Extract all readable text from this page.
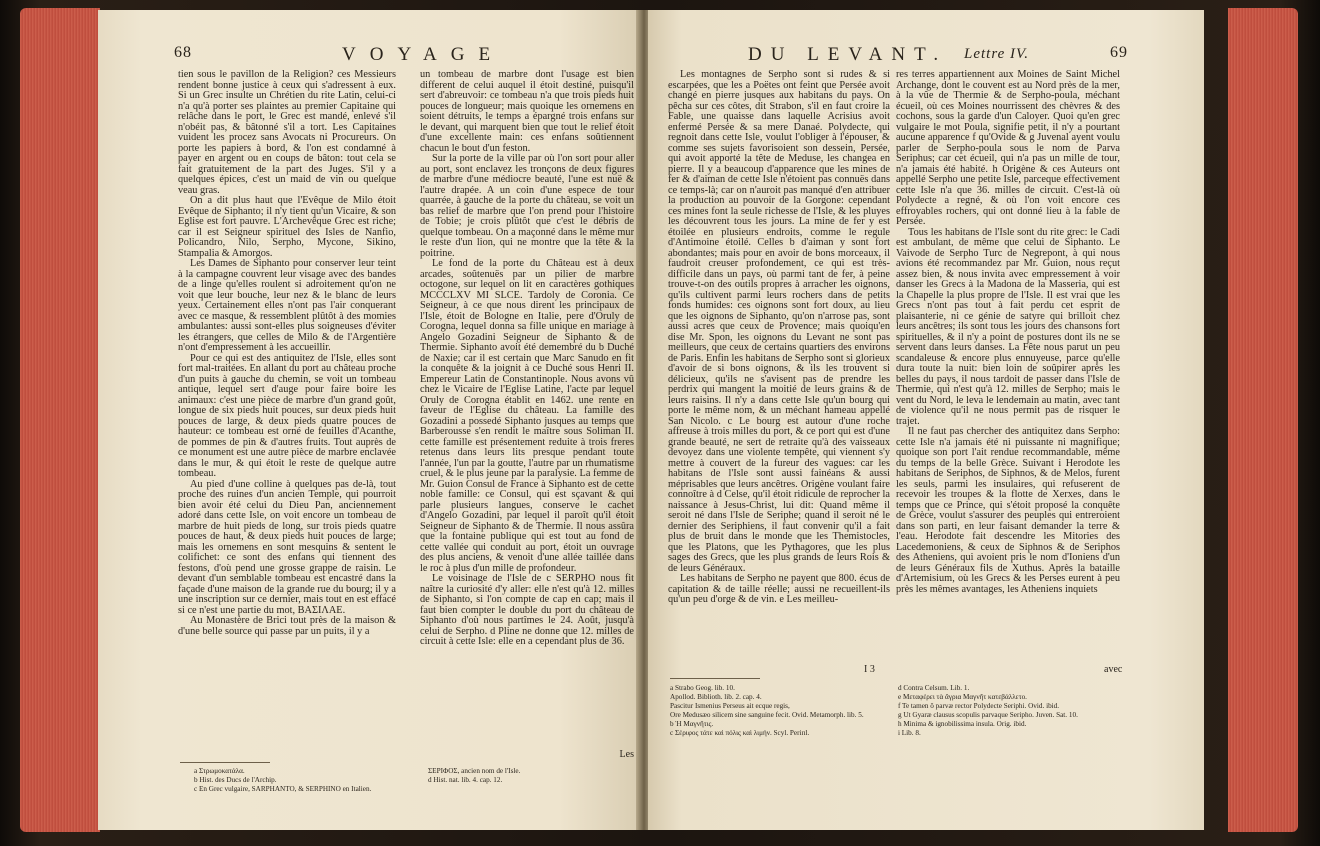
68	VOYAGE

tien sous le pavillon de la Religion? ces Messieurs rendent bonne justice à ceux qui s'adressent à eux. Si un Grec insulte un Chrétien du rite Latin, celui-ci n'a qu'à porter ses plaintes au premier Capitaine qui relâche dans le port, le Grec est mandé, enlevé s'il n'obéit pas, & bâtonné s'il a tort. Les Capitaines vuident les procez sans Avocats ni Procureurs. On porte les papiers à bord, & l'on est condamné à payer en argent ou en coups de bâton: tout cela se fait gratuitement de la part des Juges. S'il y a quelques épices, c'est un maid de vin ou quelque veau gras.

On a dit plus haut que l'Evêque de Milo étoit Evêque de Siphanto; il n'y tient qu'un Vicaire, & son Eglise est fort pauvre. L'Archevêque Grec est riche; car il est Seigneur spirituel des Isles de Nanfio, Policandro, Nilo, Serpho, Mycone, Sikino, Stampalia & Amorgos.

Les Dames de Siphanto pour conserver leur teint à la campagne couvrent leur visage avec des bandes de a linge qu'elles roulent si adroitement qu'on ne voit que leur bouche, leur nez & le blanc de leurs yeux. Certainement elles n'ont pas l'air conquerant avec ce masque, & ressemblent plûtôt à des momies ambulantes: aussi sont-elles plus soigneuses d'éviter les étrangers, que celles de Milo & de l'Argentière n'ont d'empressement à les accueillir.

Pour ce qui est des antiquitez de l'Isle, elles sont fort mal-traitées. En allant du port au château proche d'un puits à gauche du chemin, se voit un tombeau antique, lequel sert d'auge pour faire boire les animaux: c'est une pièce de marbre d'un grand goût, longue de six pieds huit pouces, sur deux pieds huit pouces de large, & deux pieds quatre pouces de hauteur: ce tombeau est orné de feuilles d'Acanthe, de pommes de pin & d'autres fruits. Tout auprès de ce monument est une autre pièce de marbre enclavée dans le mur, & qui étoit le reste de quelque autre tombeau.

Au pied d'une colline à quelques pas de-là, tout proche des ruines d'un ancien Temple, qui pourroit bien avoir été celui du Dieu Pan, anciennement adoré dans cette Isle, on voit encore un tombeau de marbre de huit pieds de long, sur trois pieds quatre pouces de haut, & deux pieds huit pouces de large; mais les ornemens en sont mesquins & sentent le colifichet: ce sont des enfans qui tiennent des festons, d'où pend une grosse grappe de raisin. Le devant d'un semblable tombeau est encastré dans la façade d'une maison de la grande rue du bourg; il y a une inscription sur ce dernier, mais tout en est effacé si ce n'est une partie du mot, ΒΑΣΙΛΑΕ.

Au Monastère de Brici tout près de la maison & d'une belle source qui passe par un puits, il y a

un tombeau de marbre dont l'usage est bien different de celui auquel il étoit destiné, puisqu'il sert d'abreuvoir: ce tombeau n'a que trois pieds huit pouces de longueur; mais quoique les ornemens en soient détruits, le temps a épargné trois enfans sur le devant, qui marquent bien que tout le relief étoit d'une excellente main: ces enfans soûtiennent chacun le bout d'un feston.

Sur la porte de la ville par où l'on sort pour aller au port, sont enclavez les tronçons de deux figures de marbre d'une médiocre beauté, l'une est nuë & l'autre drapée. A un coin d'une espece de tour quarrée, à gauche de la porte du château, se voit un bas relief de marbre que l'on prend pour l'histoire de Tobie; je crois plûtôt que c'est le débris de quelque tombeau. On a maçonné dans le même mur le reste d'un lion, qui ne montre que la tête & la poitrine.

Le fond de la porte du Château est à deux arcades, soûtenuës par un pilier de marbre octogone, sur lequel on lit en caractères gothiques MCCCLXV MI SLCE. Tardoly de Coronia. Ce Seigneur, à ce que nous dirent les principaux de l'Isle, étoit de Bologne en Italie, pere d'Oruly de Corogna, lequel donna sa fille unique en mariage à Angelo Gozadini Seigneur de Siphanto & de Thermie. Siphanto avoit été demembré du b Duché de Naxie; car il est certain que Marc Sanudo en fit la conquête & la joignit à ce Duché sous Henri II. Empereur Latin de Constantinople. Nous avons vû chez le Vicaire de l'Eglise Latine, l'acte par lequel Oruly de Corogna établit en 1462. une rente en faveur de l'Eglise du château. La famille des Gozadini a possedé Siphanto jusques au temps que Barberousse s'en rendit le maître sous Soliman II. cette famille est présentement reduite à trois freres retenus dans leurs lits presque pendant toute l'année, l'un par la goutte, l'autre par un rhumatisme cruel, & le plus jeune par la paralysie. La femme de Mr. Guion Consul de France à Siphanto est de cette noble famille: ce Consul, qui est sçavant & qui parle plusieurs langues, conserve le cachet d'Angelo Gozadini, par lequel il paroît qu'il étoit Seigneur de Siphanto & de Thermie. Il nous assûra que la fontaine publique qui est tout au fond de cette vallée qui conduit au port, étoit un ouvrage des plus anciens, & venoit d'une allée taillée dans le roc à plus d'un mille de profondeur.

Le voisinage de l'Isle de c SERPHO nous fit naître la curiosité d'y aller: elle n'est qu'à 12. milles de Siphanto, si l'on compte de cap en cap; mais il faut bien compter le double du port du château de Siphanto d'où nous partîmes le 24. Août, jusqu'à celui de Serpho. d Pline ne donne que 12. milles de circuit à cette Isle: elle en a cependant plus de 36.

Les
a Στρωμοκατάλα.
b Hist. des Ducs de l'Archip.
c En Grec vulgaire, SARPHANTO, & SERPHINO en Italien.
ΣΕΡΙΦΟΣ, ancien nom de l'Isle.
d Hist. nat. lib. 4. cap. 12.
DU LEVANT. Lettre IV.	69

Les montagnes de Serpho sont si rudes & si escarpées, que les a Poëtes ont feint que Persée avoit changé en pierre jusques aux habitans du pays. On pêcha sur ces côtes, dit Strabon, s'il en faut croire la Fable, une quaisse dans laquelle Acrisius avoit enfermé Persée & sa mere Danaé. Polydecte, qui regnoit dans cette Isle, voulut l'obliger à l'épouser, & comme ses sujets favorisoient son dessein, Persée, qui avoit apporté la tête de Meduse, les changea en pierre. Il y a beaucoup d'apparence que les mines de fer & d'aiman de cette Isle n'étoient pas connuës dans ce temps-là; car on n'auroit pas manqué d'en attribuer la production au pouvoir de la Gorgone: cependant ces mines font la seule richesse de l'Isle, & les pluyes les découvrent tous les jours. La mine de fer y est étoilée en plusieurs endroits, comme le regule d'Antimoine étoilé. Celles b d'aiman y sont fort abondantes; mais pour en avoir de bons morceaux, il faudroit creuser profondement, ce qui est très-difficile dans un pays, où parmi tant de fer, à peine trouve-t-on des outils propres à arracher les oignons, qu'ils cultivent parmi leurs rochers dans de petits fonds humides: ces oignons sont fort doux, au lieu que les oignons de Siphanto, qu'on n'arrose pas, sont aussi acres que ceux de Provence; mais quoiqu'en dise Mr. Spon, les oignons du Levant ne sont pas meilleurs, que ceux de certains quartiers des environs de Paris. Enfin les habitans de Serpho sont si glorieux d'avoir de si bons oignons, & ils les trouvent si délicieux, qu'ils ne s'avisent pas de prendre les perdrix qui mangent la moitié de leurs grains & de leurs raisins. Il n'y a dans cette Isle qu'un bourg qui porte le même nom, & un méchant hameau appellé San Nicolo. c Le bourg est autour d'une roche affreuse à trois milles du port, & ce port qui est d'une grande beauté, ne sert de retraite qu'à des vaisseaux devoyez dans une violente tempête, qui viennent s'y mettre à couvert de la fureur des vagues: car les habitans de l'Isle sont aussi fainéans & aussi méprisables que leurs ancêtres. Origène voulant faire connoître à d Celse, qu'il étoit ridicule de reprocher la naissance à Jesus-Christ, lui dit: Quand même il seroit né dans l'Isle de Seriphe; quand il seroit né le dernier des Seriphiens, il faut convenir qu'il a fait plus de bruit dans le monde que les Themistocles, que les Platons, que les Pythagores, que les plus sages des Grecs, que les plus grands de leurs Rois & de leurs Généraux.

Les habitans de Serpho ne payent que 800. écus de capitation & de taille réelle; aussi ne recueillent-ils qu'un peu d'orge & de vin. e Les meilleu-

res terres appartiennent aux Moines de Saint Michel Archange, dont le couvent est au Nord près de la mer, à la vûe de Thermie & de Serpho-poula, méchant écueil, où ces Moines nourrissent des chèvres & des cochons, sous la garde d'un Caloyer. Quoi qu'en grec vulgaire le mot Poula, signifie petit, il n'y a pourtant aucune apparence f qu'Ovide & g Juvenal ayent voulu parler de Serpho-poula sous le nom de Parva Seriphus; car cet écueil, qui n'a pas un mille de tour, n'a jamais été habité. h Origène & ces Auteurs ont appellé Serpho une petite Isle, parceque effectivement cette Isle n'a que 36. milles de circuit. C'est-là où Polydecte a regné, & où l'on voit encore ces effroyables rochers, qui ont donné lieu à la fable de Persée.

Tous les habitans de l'Isle sont du rite grec: le Cadi est ambulant, de même que celui de Siphanto. Le Vaivode de Serpho Turc de Negrepont, à qui nous avions été recommandez par Mr. Guion, nous reçut assez bien, & nous invita avec empressement à voir danser les Grecs à la Madona de la Masseria, qui est la Chapelle la plus propre de l'Isle. Il est vrai que les Grecs n'ont pas tout à fait perdu cet esprit de plaisanterie, ni ce génie de satyre qui brilloit chez leurs ancêtres; ils sont tous les jours des chansons fort spirituelles, & il n'y a point de postures dont ils ne se servent dans leurs danses. La Fête nous parut un peu scandaleuse & encore plus ennuyeuse, parce qu'elle dura toute la nuit: bien loin de soûpirer après les belles du pays, il nous tardoit de passer dans l'Isle de Thermie, qui n'est qu'à 12. milles de Serpho; mais le vent du Nord, le leva le lendemain au matin, avec tant de violence qu'il ne nous permit pas de risquer le trajet.

Il ne faut pas chercher des antiquitez dans Serpho: cette Isle n'a jamais été ni puissante ni magnifique; quoique son port l'ait rendue recommandable, même du temps de la belle Grèce. Suivant i Herodote les habitans de Seriphos, de Siphnos, & de Melos, furent les seuls, parmi les insulaires, qui refuserent de recevoir les troupes & la flotte de Xerxes, dans le temps que ce Prince, qui s'étoit proposé la conquête de Grèce, voulut s'assurer des peuples qui entreroient dans son parti, en leur faisant demander la terre & l'eau. Herodote fait descendre les Mitories des Lacedemoniens, & ceux de Siphnos & de Seriphos des Atheniens, qui avoient pris le nom d'Ioniens d'un de leurs Généraux fils de Xuthus. Après la bataille d'Artemisium, où les Grecs & les Perses eurent à peu près les mêmes avantages, les Atheniens inquiets

I 3	avec
a Strabo Geog. lib. 10.
Apollod. Biblioth. lib. 2. cap. 4.
Pascitur Ismenius Perseus ait ecque regis,
Ore Medusæo silicem sine sanguine fecit. Ovid. Metamorph. lib. 5.
b Ἡ Μαγνῆτις.
c Σέριφος τάτε καὶ πόλις καὶ λιμήν. Scyl. Periпl.
d Contra Celsum. Lib. 1.
e Μεταφέρει τὰ ἄγρια Μαγνῆτ κατεβάλλετο.
f Te tamen ô parvæ rector Polydecte Seriphi. Ovid. ibid.
g Ut Gyaræ clausus scopulis parvaque Seripho. Juven. Sat. 10.
h Minima & ignobilissima insula. Orig. ibid.
i Lib. 8.
